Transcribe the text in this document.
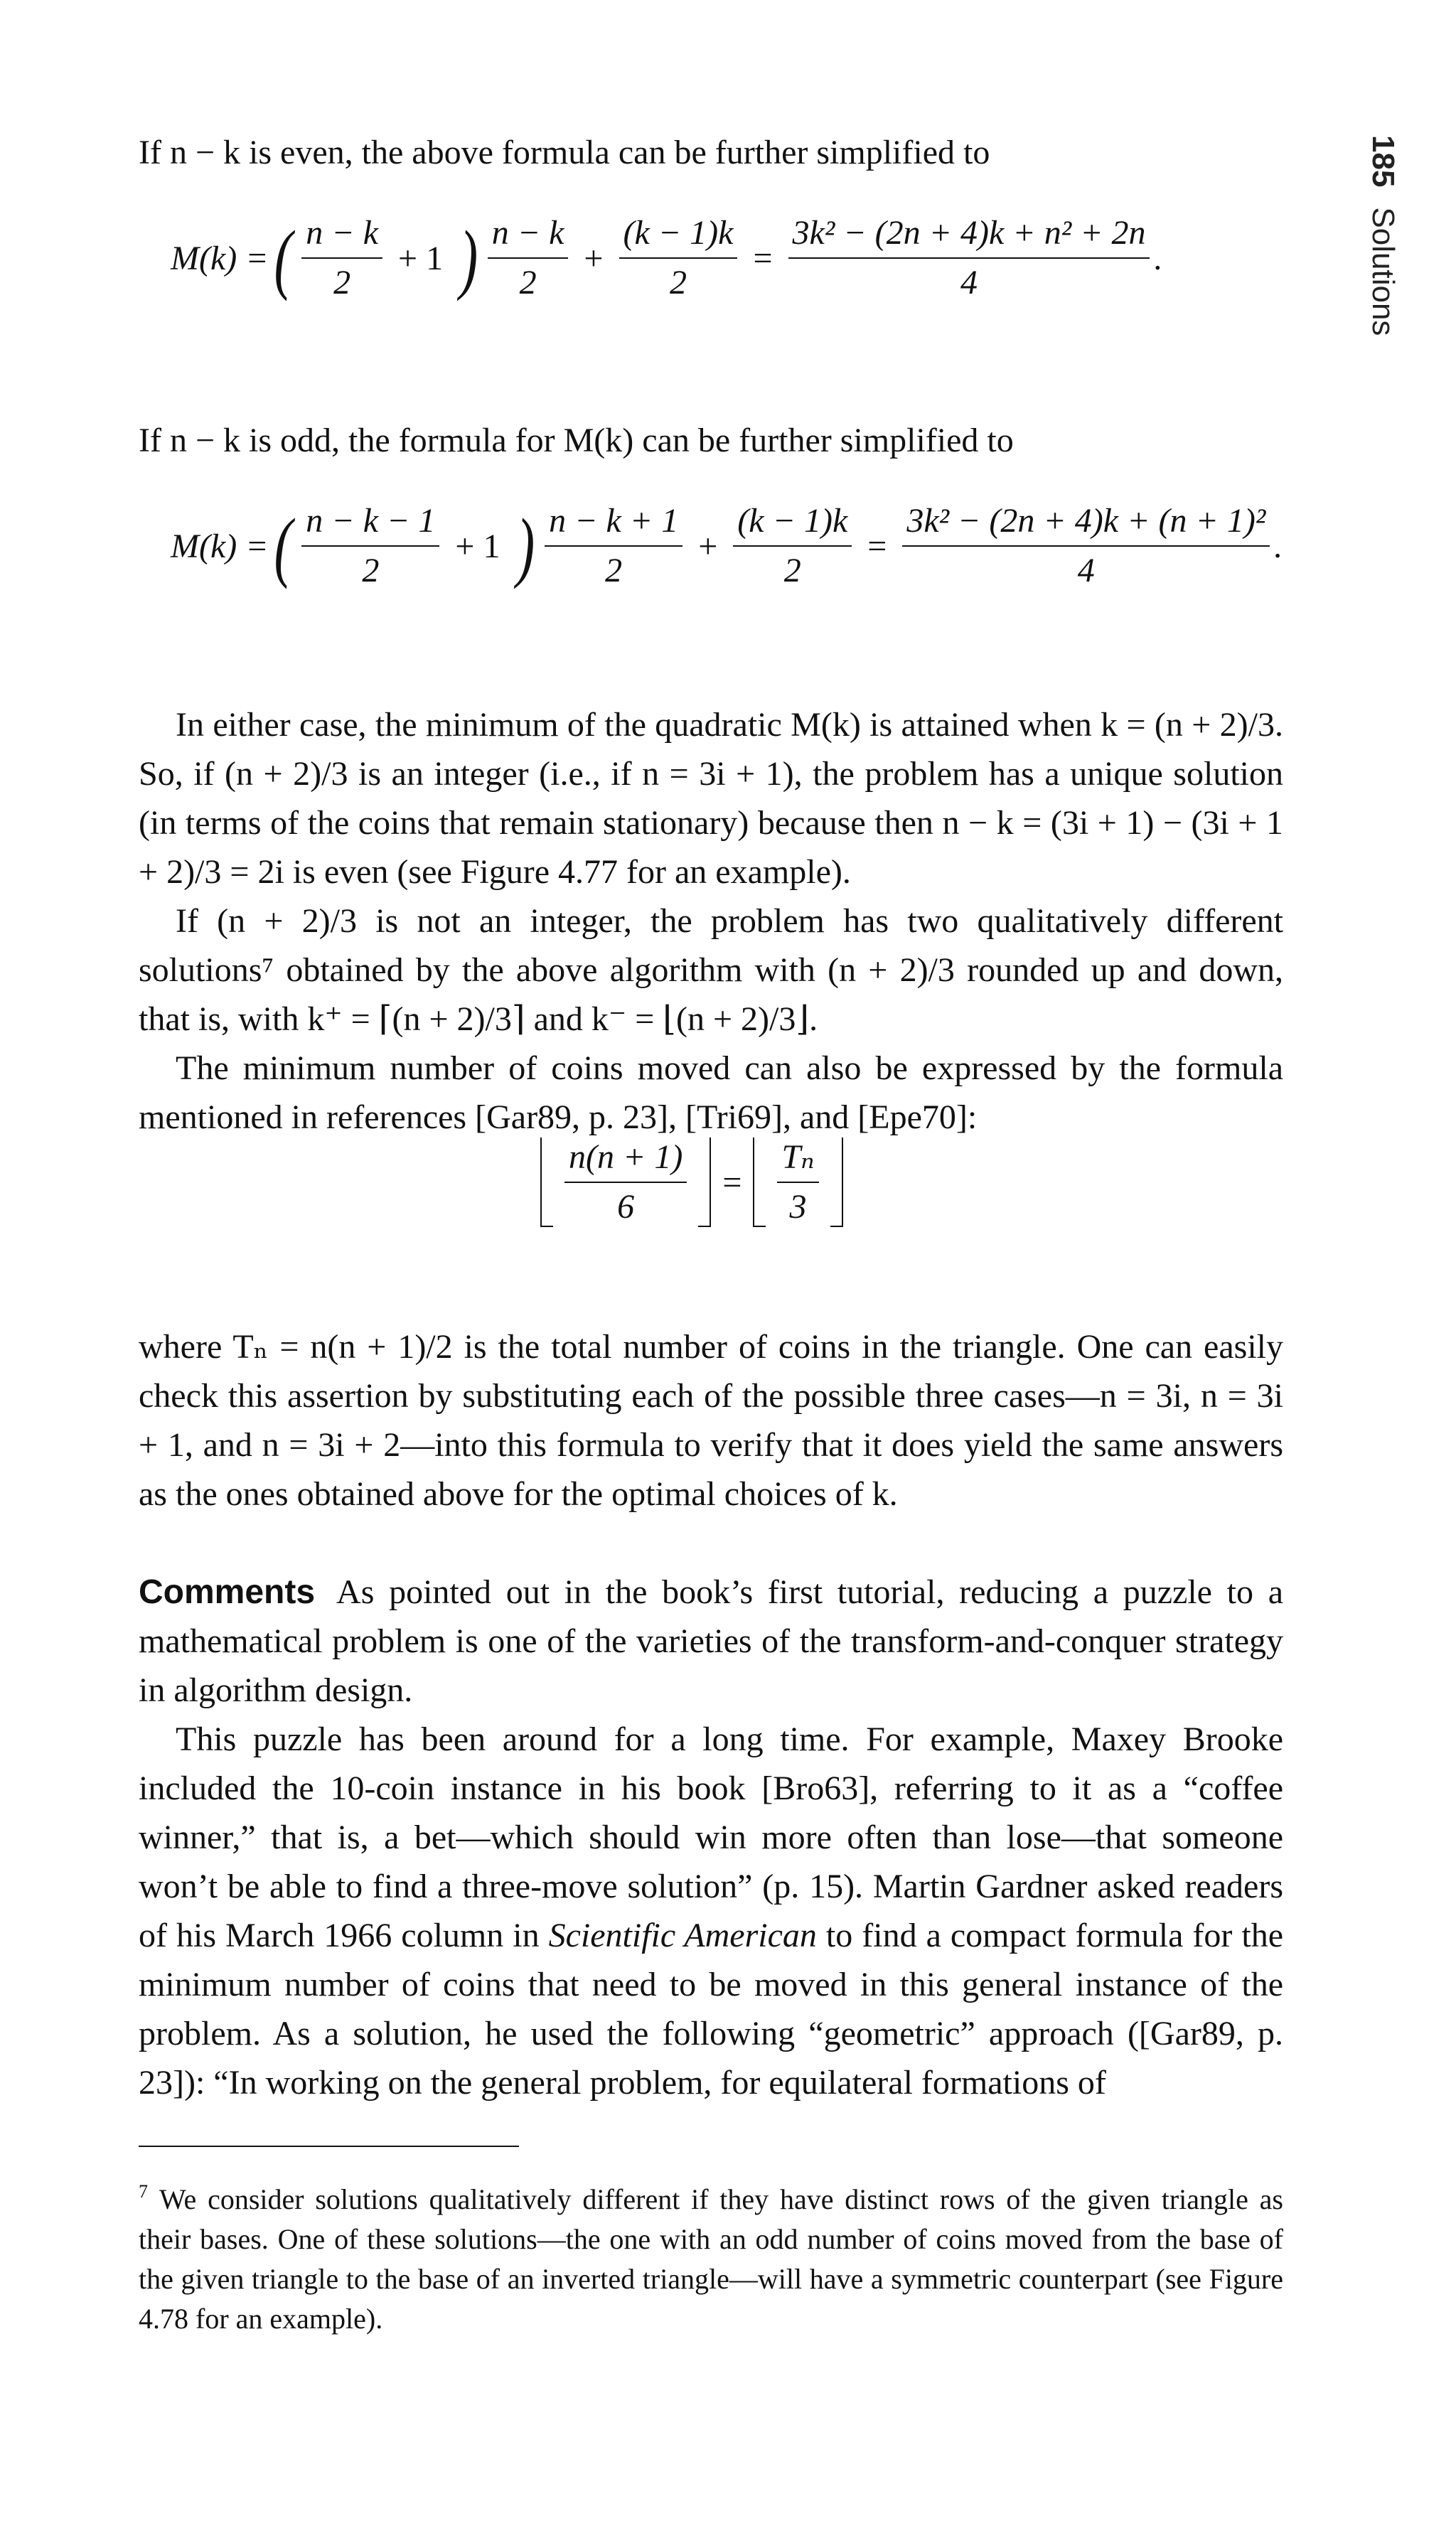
185Solutions

If n − k is even, the above formula can be further simplified to

M(k) = ( $\frac{n - k}{2} + 1$ ) $\frac{n - k}{2} + \frac{(k - 1)k}{2} = \frac{\text{3k² − (2n + 4)k + n² + 2n}}{4}$ .

If n − k is odd, the formula for M(k) can be further simplified to

M(k) = ( $\frac{n - k - 1}{2} + 1$ ) $\frac{n - k + 1}{2} + \frac{(k - 1)k}{2} = \frac{\text{3k² − (2n + 4)k + (n + 1)²}}{4}$ .

In either case, the minimum of the quadratic M(k) is attained when k = (n + 2)/3. So, if (n + 2)/3 is an integer (i.e., if n = 3i + 1), the problem has a unique solution (in terms of the coins that remain stationary) because then n − k = (3i + 1) − (3i + 1 + 2)/3 = 2i is even (see Figure 4.77 for an example).

If (n + 2)/3 is not an integer, the problem has two qualitatively different solutions⁷ obtained by the above algorithm with (n + 2)/3 rounded up and down, that is, with k⁺ = ⌈(n + 2)/3⌉ and k⁻ = ⌊(n + 2)/3⌋.

The minimum number of coins moved can also be expressed by the formula mentioned in references [Gar89, p. 23], [Tri69], and [Epe70]:

$\frac{n(n + 1)}{6} = \frac{\text{Tₙ}}{3}$

where Tₙ = n(n + 1)/2 is the total number of coins in the triangle. One can easily check this assertion by substituting each of the possible three cases—n = 3i, n = 3i + 1, and n = 3i + 2—into this formula to verify that it does yield the same answers as the ones obtained above for the optimal choices of k.

Comments As pointed out in the book’s first tutorial, reducing a puzzle to a mathematical problem is one of the varieties of the transform-and-conquer strategy in algorithm design.

This puzzle has been around for a long time. For example, Maxey Brooke included the 10-coin instance in his book [Bro63], referring to it as a “coffee winner,” that is, a bet—which should win more often than lose—that someone won’t be able to find a three-move solution” (p. 15). Martin Gardner asked readers of his March 1966 column in Scientific American to find a compact formula for the minimum number of coins that need to be moved in this general instance of the problem. As a solution, he used the following “geometric” approach ([Gar89, p. 23]): “In working on the general problem, for equilateral formations of

$^7$ We consider solutions qualitatively different if they have distinct rows of the given triangle as their bases. One of these solutions—the one with an odd number of coins moved from the base of the given triangle to the base of an inverted triangle—will have a symmetric counterpart (see Figure 4.78 for an example).
